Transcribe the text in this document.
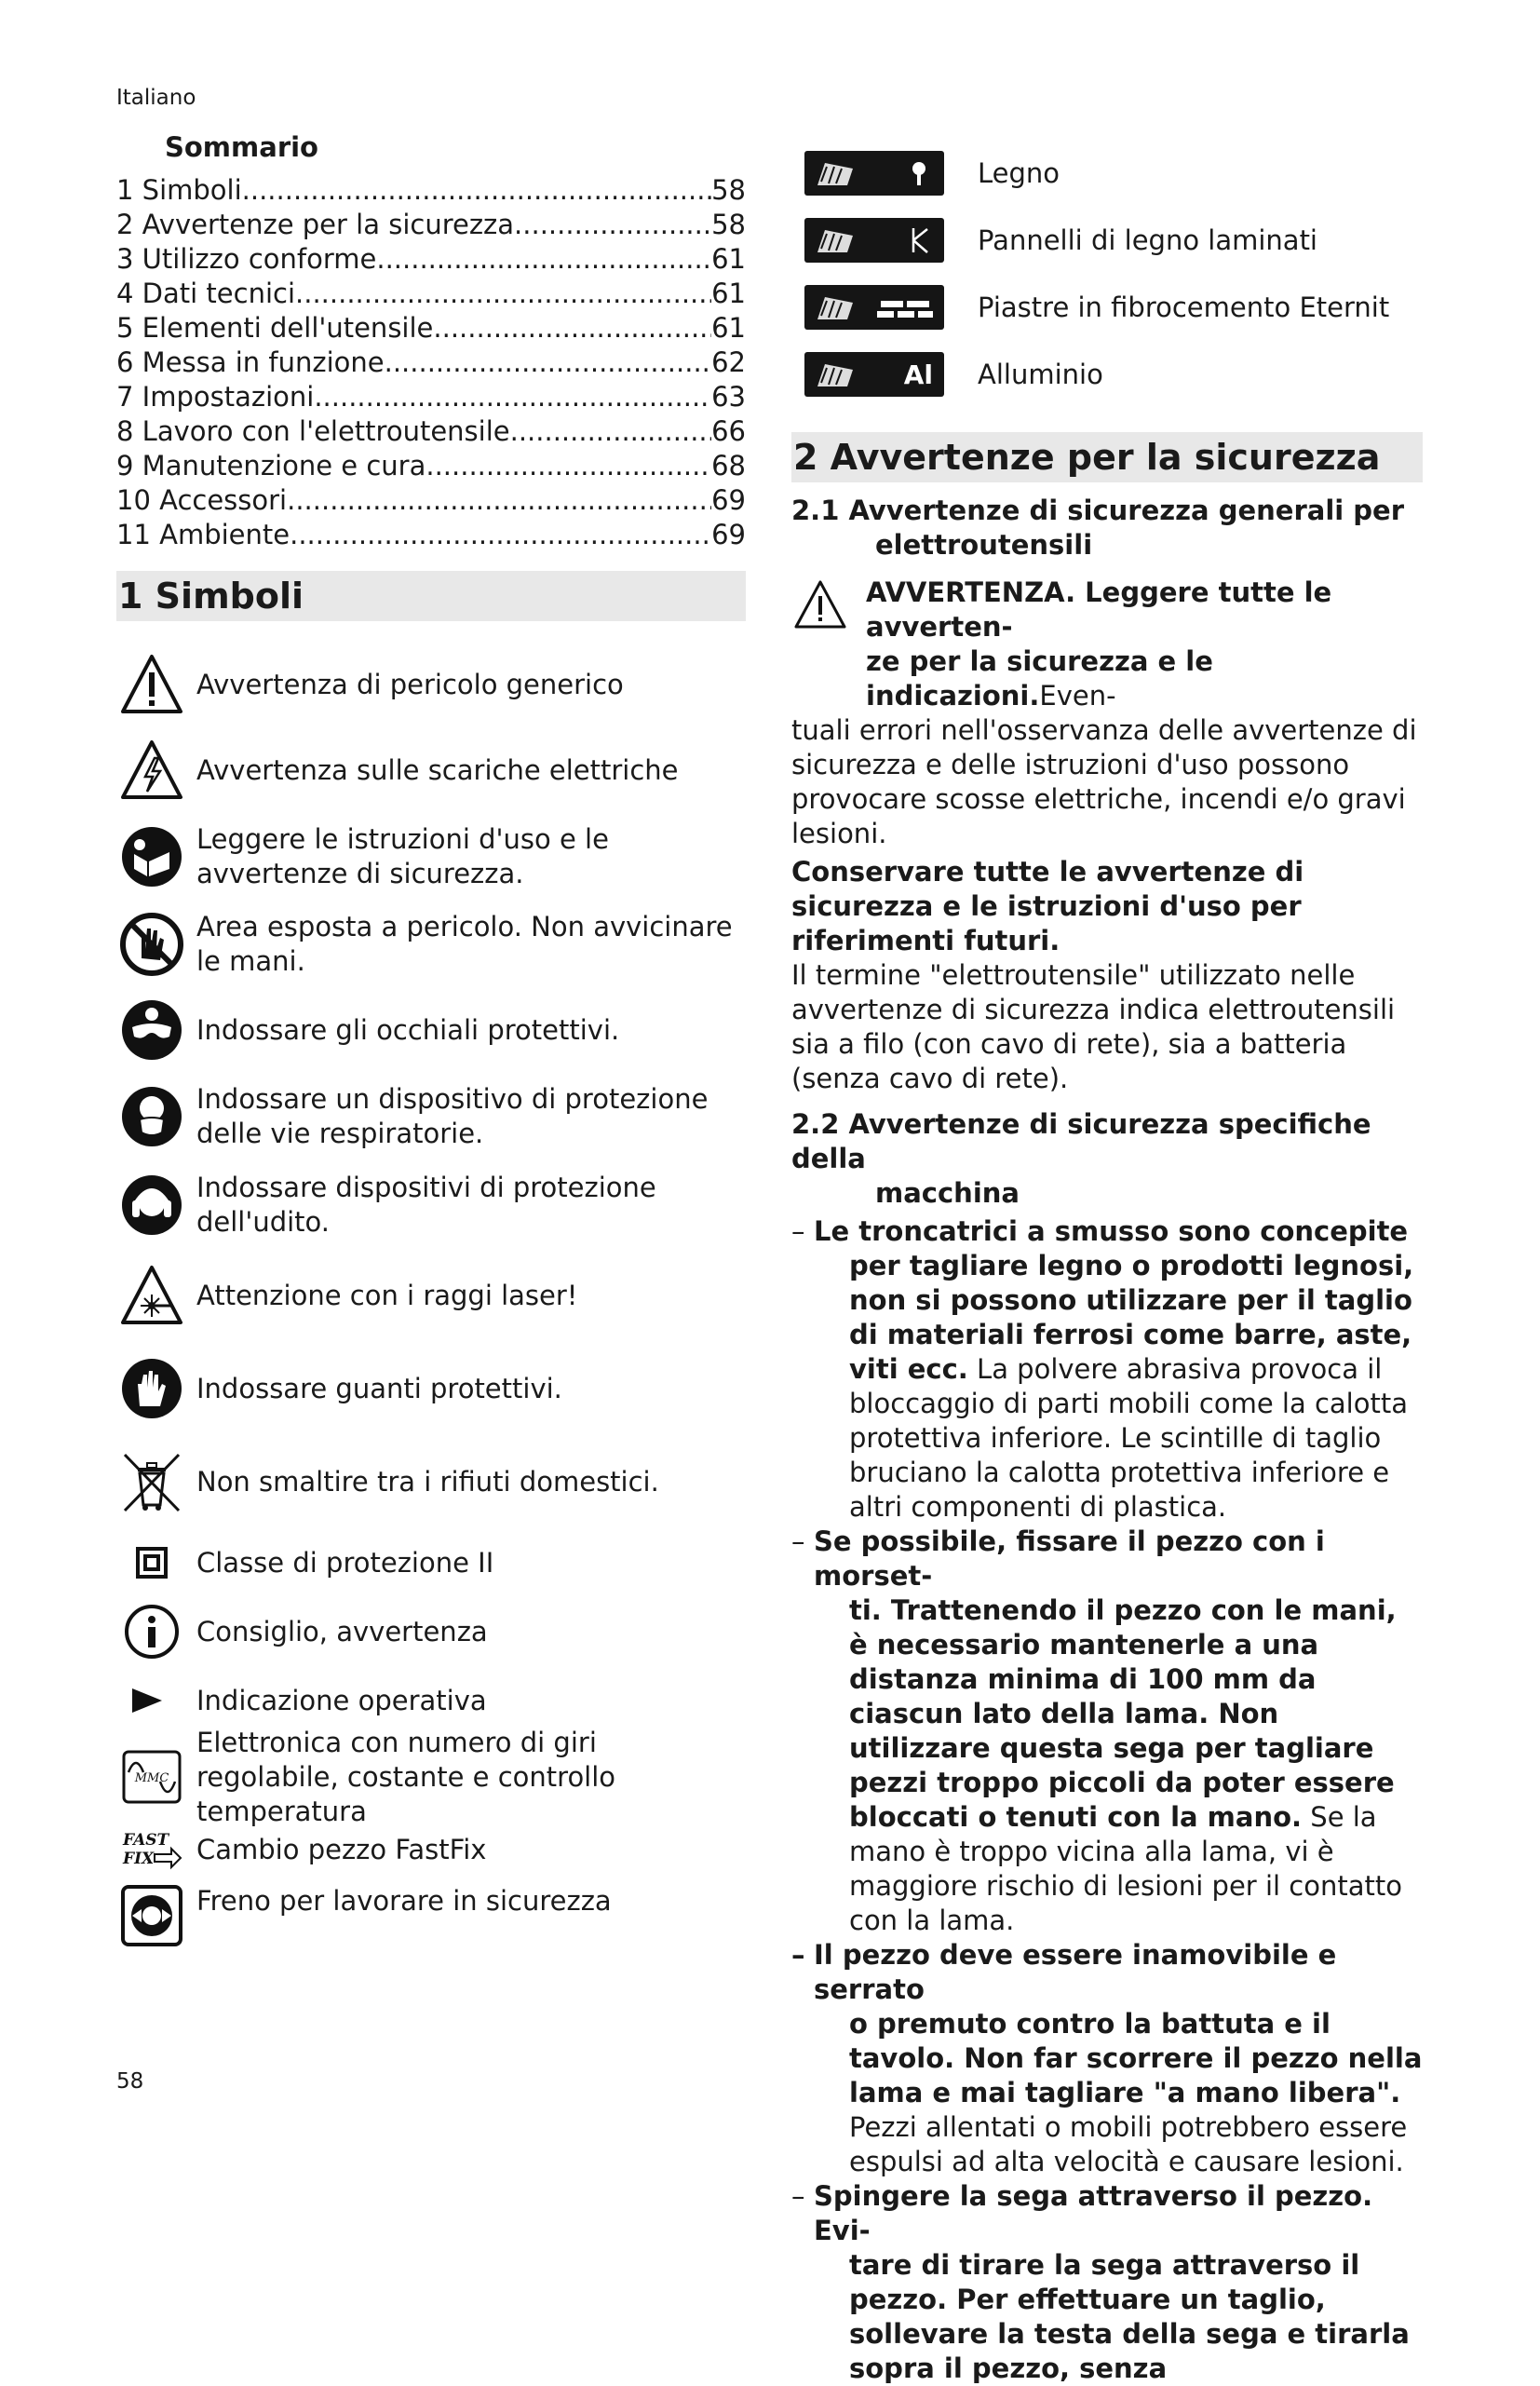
Italiano
Sommario
1 Simboli .....	58
2 Avvertenze per la sicurezza .....	58
3 Utilizzo conforme .....	61
4 Dati tecnici .....	61
5 Elementi dell'utensile .....	61
6 Messa in funzione .....	62
7 Impostazioni .....	63
8 Lavoro con l'elettroutensile .....	66
9 Manutenzione e cura .....	68
10 Accessori .....	69
11 Ambiente .....	69
1 Simboli
Avvertenza di pericolo generico
Avvertenza sulle scariche elettriche
Leggere le istruzioni d'uso e le avvertenze di sicurezza.
Area esposta a pericolo. Non avvicinare le mani.
Indossare gli occhiali protettivi.
Indossare un dispositivo di protezione delle vie respiratorie.
Indossare dispositivi di protezione dell'udito.
Attenzione con i raggi laser!
Indossare guanti protettivi.
Non smaltire tra i rifiuti domestici.
Classe di protezione II
Consiglio, avvertenza
Indicazione operativa
MMC
Elettronica con numero di giri regolabile, costante e controllo temperatura
FAST
FIX Cambio pezzo FastFix
Freno per lavorare in sicurezza
Legno
Pannelli di legno laminati
Piastre in fibrocemento Eternit
Al Alluminio
2 Avvertenze per la sicurezza
2.1 Avvertenze di sicurezza generali per
elettroutensili
AVVERTENZA. Leggere tutte le avverten-
ze per la sicurezza e le indicazioni.Even-

tuali errori nell'osservanza delle avvertenze di sicurezza e delle istruzioni d'uso possono provocare scosse elettriche, incendi e/o gravi lesioni.

Conservare tutte le avvertenze di sicurezza e le istruzioni d'uso per riferimenti futuri.

Il termine "elettroutensile" utilizzato nelle avvertenze di sicurezza indica elettroutensili sia a filo (con cavo di rete), sia a batteria (senza cavo di rete).

2.2 Avvertenze di sicurezza specifiche della
macchina
– Le troncatrici a smusso sono concepite
per tagliare legno o prodotti legnosi, non si possono utilizzare per il taglio di materiali ferrosi come barre, aste, viti ecc. La polvere abrasiva provoca il bloccaggio di parti mobili come la calotta protettiva inferiore. Le scintille di taglio bruciano la calotta protettiva inferiore e altri componenti di plastica.
– Se possibile, fissare il pezzo con i morset-
ti. Trattenendo il pezzo con le mani, è necessario mantenerle a una distanza minima di 100 mm da ciascun lato della lama. Non utilizzare questa sega per tagliare pezzi troppo piccoli da poter essere bloccati o tenuti con la mano. Se la mano è troppo vicina alla lama, vi è maggiore rischio di lesioni per il contatto con la lama.
– Il pezzo deve essere inamovibile e serrato
o premuto contro la battuta e il tavolo. Non far scorrere il pezzo nella lama e mai tagliare "a mano libera". Pezzi allentati o mobili potrebbero essere espulsi ad alta velocità e causare lesioni.
– Spingere la sega attraverso il pezzo. Evi-
tare di tirare la sega attraverso il pezzo. Per effettuare un taglio, sollevare la testa della sega e tirarla sopra il pezzo, senza
58
